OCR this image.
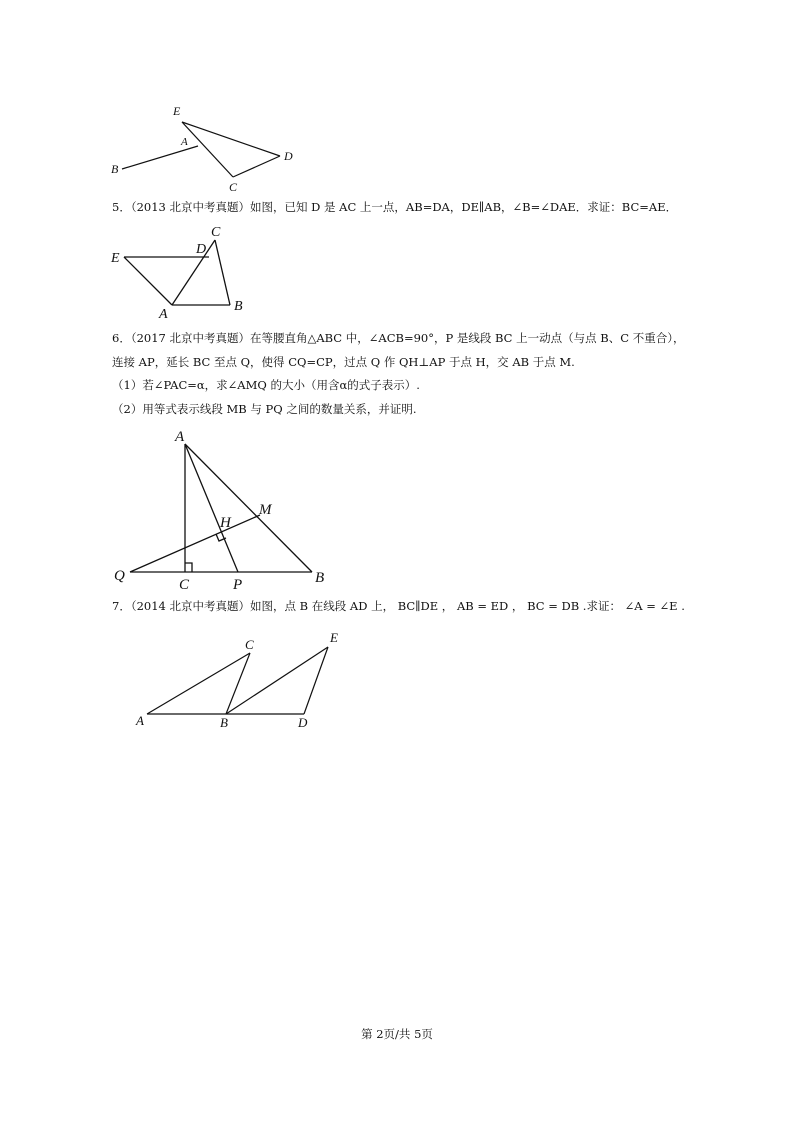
E
A
D
B
C
5．（2013 北京中考真题）如图，已知 D 是 AC 上一点，AB=DA，DE∥AB，∠B=∠DAE．求证：BC=AE．
C
D
E
A
B
6．（2017 北京中考真题）在等腰直角△ABC 中，∠ACB=90°，P 是线段 BC 上一动点（与点 B、C 不重合），
连接 AP，延长 BC 至点 Q，使得 CQ=CP，过点 Q 作 QH⊥AP 于点 H，交 AB 于点 M.
（1）若∠PAC=α，求∠AMQ 的大小（用含α的式子表示）.
（2）用等式表示线段 MB 与 PQ 之间的数量关系，并证明.
A
M
H
Q
C	P	B
7．（2014 北京中考真题）如图，点 B 在线段 AD 上， BC∥DE ， AB = ED ， BC = DB .求证： ∠A = ∠E .
C	E
A	B	D
第 2页/共 5页
